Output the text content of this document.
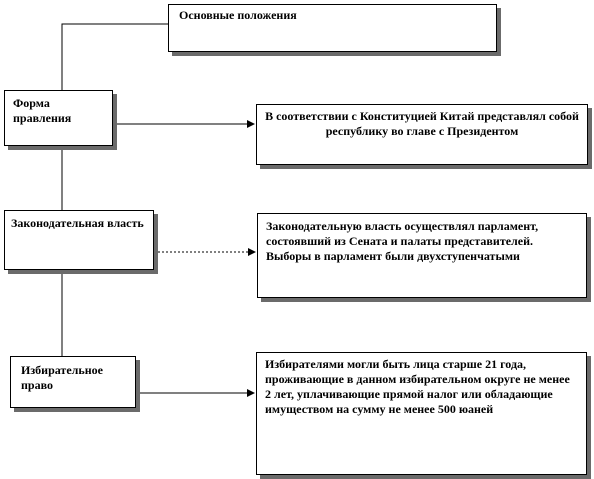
Основные положения
Форма правления	В соответствии с Конституцией Китай представлял собой республику во главе с Президентом
Законодательная власть	Законодательную власть осуществлял парламент, состоявший из Сената и палаты представителей. Выборы в парламент были двухступенчатыми
Избирательное право
Избирателями могли быть лица старше 21 года, проживающие в данном избирательном округе не менее 2 лет, уплачивающие прямой налог или обладающие имуществом на сумму не менее 500 юаней
